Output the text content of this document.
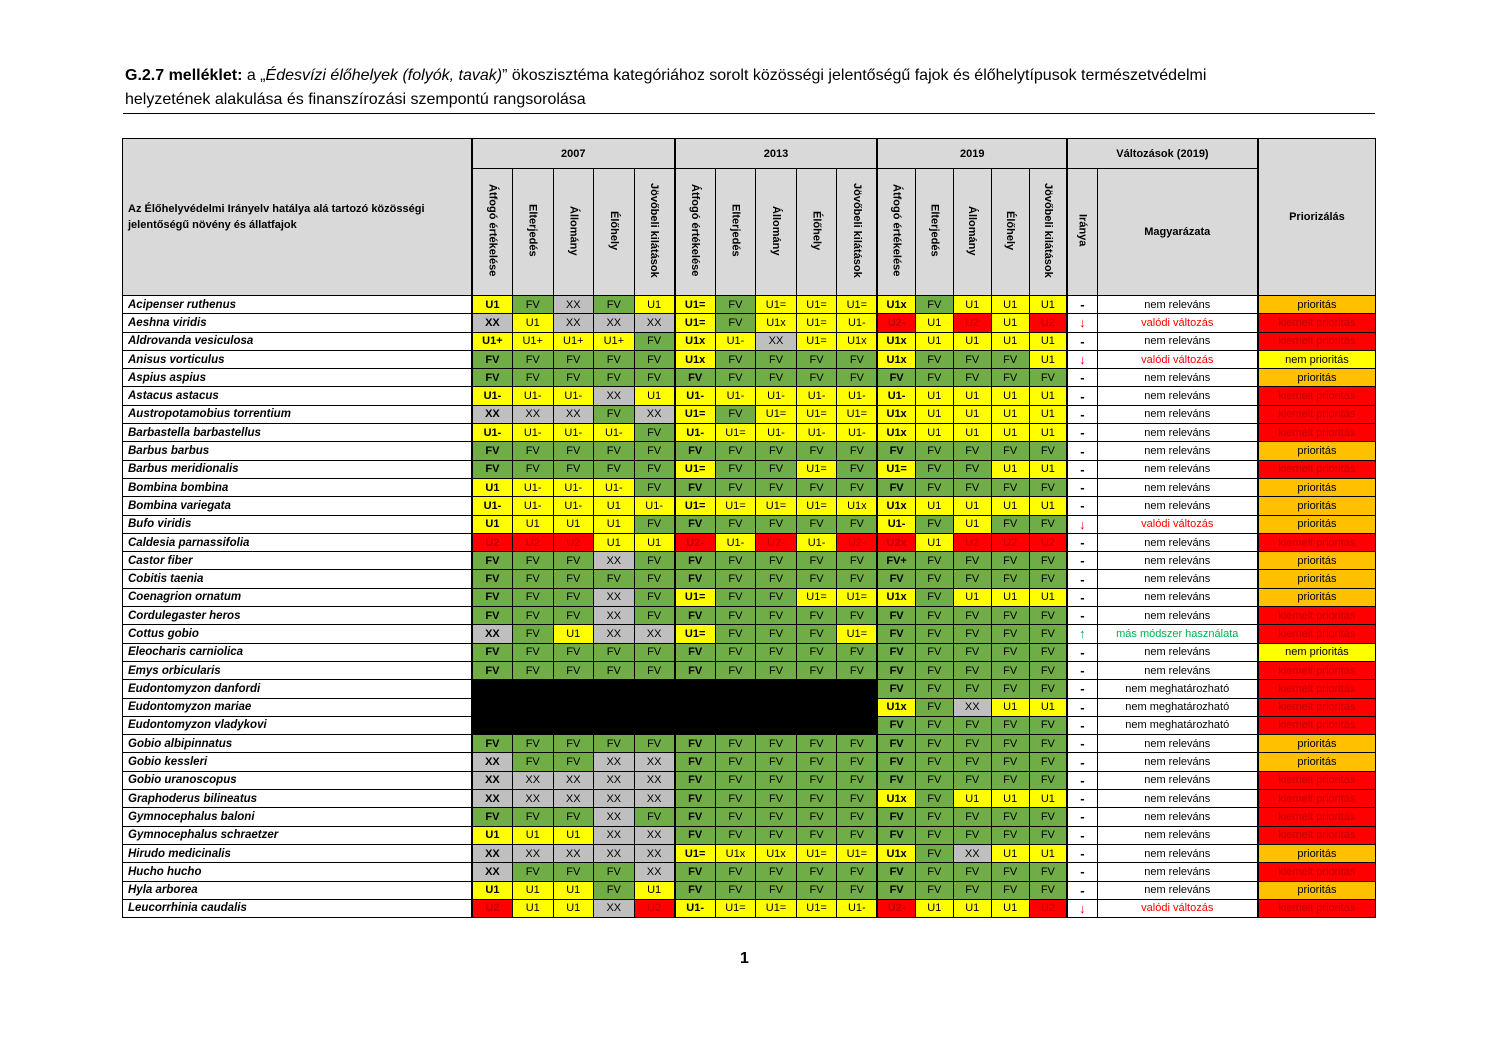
G.2.7 melléklet: a „Édesvízi élőhelyek (folyók, tavak)” ökoszisztéma kategóriához sorolt közösségi jelentőségű fajok és élőhelytípusok természetvédelmi
helyzetének alakulása és finanszírozási szempontú rangsorolása
Az Élőhelyvédelmi Irányelv hatálya alá tartozó közösségi jelentőségű növény és állatfajok	2007					2013					2019					Változások (2019)		Priorizálás
	Átfogó értékelése	Elterjedés	Állomány	Élőhely	Jövőbeli kilátások	Átfogó értékelése	Elterjedés	Állomány	Élőhely	Jövőbeli kilátások	Átfogó értékelése	Elterjedés	Állomány	Élőhely	Jövőbeli kilátások	Iránya	Magyarázata	
Acipenser ruthenus	U1	FV	XX	FV	U1	U1=	FV	U1=	U1=	U1=	U1x	FV	U1	U1	U1	-	nem releváns	prioritás
Aeshna viridis	XX	U1	XX	XX	XX	U1=	FV	U1x	U1=	U1-	U2-	U1	U2	U1	U2	↓	valódi változás	kiemelt prioritás
Aldrovanda vesiculosa	U1+	U1+	U1+	U1+	FV	U1x	U1-	XX	U1=	U1x	U1x	U1	U1	U1	U1	-	nem releváns	kiemelt prioritás
Anisus vorticulus	FV	FV	FV	FV	FV	U1x	FV	FV	FV	FV	U1x	FV	FV	FV	U1	↓	valódi változás	nem prioritás
Aspius aspius	FV	FV	FV	FV	FV	FV	FV	FV	FV	FV	FV	FV	FV	FV	FV	-	nem releváns	prioritás
Astacus astacus	U1-	U1-	U1-	XX	U1	U1-	U1-	U1-	U1-	U1-	U1-	U1	U1	U1	U1	-	nem releváns	kiemelt prioritás
Austropotamobius torrentium	XX	XX	XX	FV	XX	U1=	FV	U1=	U1=	U1=	U1x	U1	U1	U1	U1	-	nem releváns	kiemelt prioritás
Barbastella barbastellus	U1-	U1-	U1-	U1-	FV	U1-	U1=	U1-	U1-	U1-	U1x	U1	U1	U1	U1	-	nem releváns	kiemelt prioritás
Barbus barbus	FV	FV	FV	FV	FV	FV	FV	FV	FV	FV	FV	FV	FV	FV	FV	-	nem releváns	prioritás
Barbus meridionalis	FV	FV	FV	FV	FV	U1=	FV	FV	U1=	FV	U1=	FV	FV	U1	U1	-	nem releváns	kiemelt prioritás
Bombina bombina	U1	U1-	U1-	U1-	FV	FV	FV	FV	FV	FV	FV	FV	FV	FV	FV	-	nem releváns	prioritás
Bombina variegata	U1-	U1-	U1-	U1	U1-	U1=	U1=	U1=	U1=	U1x	U1x	U1	U1	U1	U1	-	nem releváns	prioritás
Bufo viridis	U1	U1	U1	U1	FV	FV	FV	FV	FV	FV	U1-	FV	U1	FV	FV	↓	valódi változás	prioritás
Caldesia parnassifolia	U2	U2	U2	U1	U1	U2-	U1-	U2-	U1-	U2-	U2x	U1	U2	U2	U2	-	nem releváns	kiemelt prioritás
Castor fiber	FV	FV	FV	XX	FV	FV	FV	FV	FV	FV	FV+	FV	FV	FV	FV	-	nem releváns	prioritás
Cobitis taenia	FV	FV	FV	FV	FV	FV	FV	FV	FV	FV	FV	FV	FV	FV	FV	-	nem releváns	prioritás
Coenagrion ornatum	FV	FV	FV	XX	FV	U1=	FV	FV	U1=	U1=	U1x	FV	U1	U1	U1	-	nem releváns	prioritás
Cordulegaster heros	FV	FV	FV	XX	FV	FV	FV	FV	FV	FV	FV	FV	FV	FV	FV	-	nem releváns	kiemelt prioritás
Cottus gobio	XX	FV	U1	XX	XX	U1=	FV	FV	FV	U1=	FV	FV	FV	FV	FV	↑	más módszer használata	kiemelt prioritás
Eleocharis carniolica	FV	FV	FV	FV	FV	FV	FV	FV	FV	FV	FV	FV	FV	FV	FV	-	nem releváns	nem prioritás
Emys orbicularis	FV	FV	FV	FV	FV	FV	FV	FV	FV	FV	FV	FV	FV	FV	FV	-	nem releváns	kiemelt prioritás
Eudontomyzon danfordi											FV	FV	FV	FV	FV	-	nem meghatározható	kiemelt prioritás
Eudontomyzon mariae											U1x	FV	XX	U1	U1	-	nem meghatározható	kiemelt prioritás
Eudontomyzon vladykovi											FV	FV	FV	FV	FV	-	nem meghatározható	kiemelt prioritás
Gobio albipinnatus	FV	FV	FV	FV	FV	FV	FV	FV	FV	FV	FV	FV	FV	FV	FV	-	nem releváns	prioritás
Gobio kessleri	XX	FV	FV	XX	XX	FV	FV	FV	FV	FV	FV	FV	FV	FV	FV	-	nem releváns	prioritás
Gobio uranoscopus	XX	XX	XX	XX	XX	FV	FV	FV	FV	FV	FV	FV	FV	FV	FV	-	nem releváns	kiemelt prioritás
Graphoderus bilineatus	XX	XX	XX	XX	XX	FV	FV	FV	FV	FV	U1x	FV	U1	U1	U1	-	nem releváns	kiemelt prioritás
Gymnocephalus baloni	FV	FV	FV	XX	FV	FV	FV	FV	FV	FV	FV	FV	FV	FV	FV	-	nem releváns	kiemelt prioritás
Gymnocephalus schraetzer	U1	U1	U1	XX	XX	FV	FV	FV	FV	FV	FV	FV	FV	FV	FV	-	nem releváns	kiemelt prioritás
Hirudo medicinalis	XX	XX	XX	XX	XX	U1=	U1x	U1x	U1=	U1=	U1x	FV	XX	U1	U1	-	nem releváns	prioritás
Hucho hucho	XX	FV	FV	FV	XX	FV	FV	FV	FV	FV	FV	FV	FV	FV	FV	-	nem releváns	kiemelt prioritás
Hyla arborea	U1	U1	U1	FV	U1	FV	FV	FV	FV	FV	FV	FV	FV	FV	FV	-	nem releváns	prioritás
Leucorrhinia caudalis	U2	U1	U1	XX	U2	U1-	U1=	U1=	U1=	U1-	U2-	U1	U1	U1	U2	↓	valódi változás	kiemelt prioritás
1
